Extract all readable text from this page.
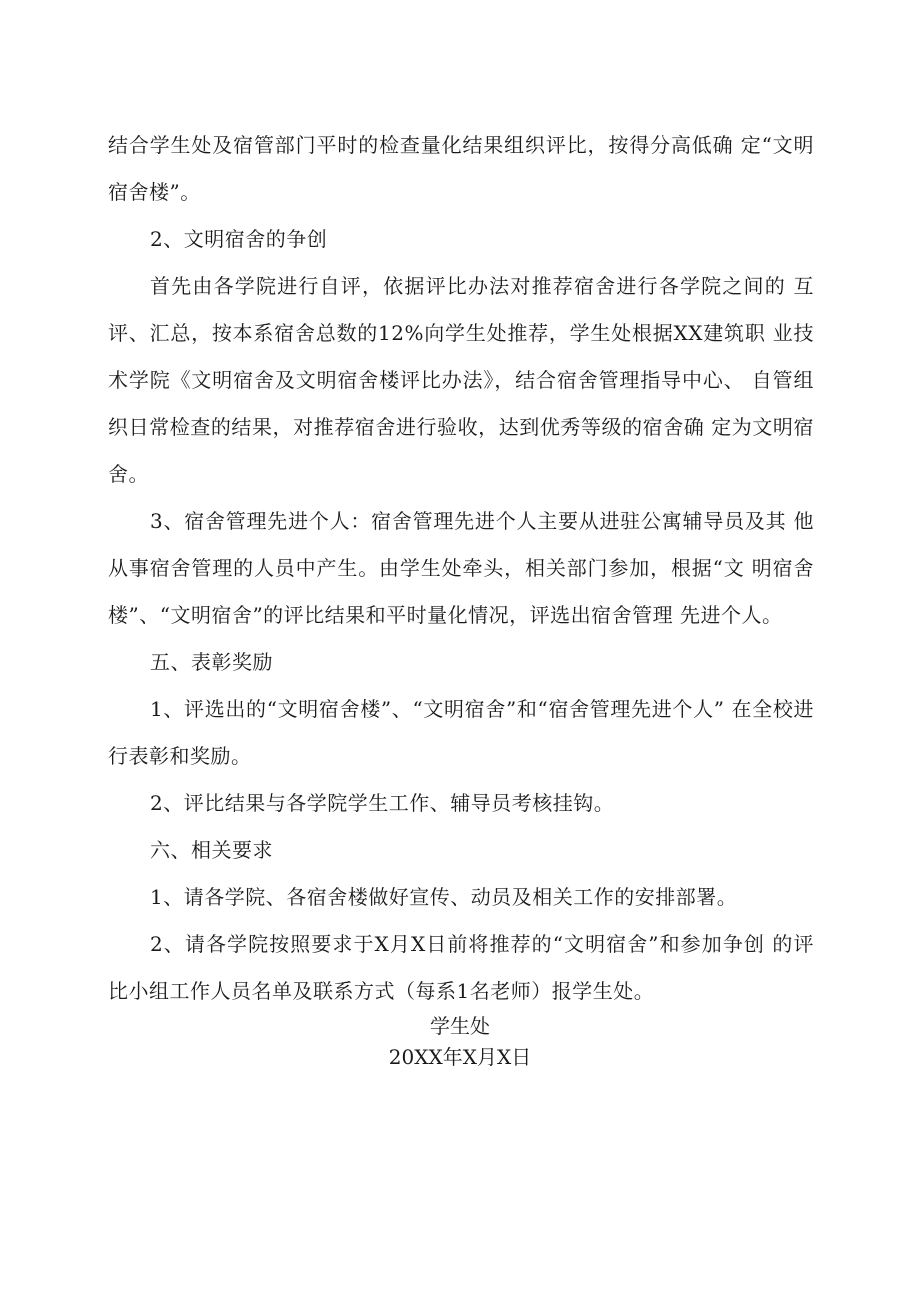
结合学生处及宿管部门平时的检查量化结果组织评比，按得分高低确 定“文明宿舍楼”。

2、文明宿舍的争创

首先由各学院进行自评，依据评比办法对推荐宿舍进行各学院之间的 互评、汇总，按本系宿舍总数的12%向学生处推荐，学生处根据XX建筑职 业技术学院《文明宿舍及文明宿舍楼评比办法》，结合宿舍管理指导中心、 自管组织日常检查的结果，对推荐宿舍进行验收，达到优秀等级的宿舍确 定为文明宿舍。

3、宿舍管理先进个人：宿舍管理先进个人主要从进驻公寓辅导员及其 他从事宿舍管理的人员中产生。由学生处牵头，相关部门参加，根据“文 明宿舍楼”、“文明宿舍”的评比结果和平时量化情况，评选出宿舍管理 先进个人。

五、表彰奖励

1、评选出的“文明宿舍楼”、“文明宿舍”和“宿舍管理先进个人” 在全校进行表彰和奖励。

2、评比结果与各学院学生工作、辅导员考核挂钩。

六、相关要求

1、请各学院、各宿舍楼做好宣传、动员及相关工作的安排部署。

2、请各学院按照要求于X月X日前将推荐的“文明宿舍”和参加争创 的评比小组工作人员名单及联系方式（每系1名老师）报学生处。

学生处
20XX年X月X日
